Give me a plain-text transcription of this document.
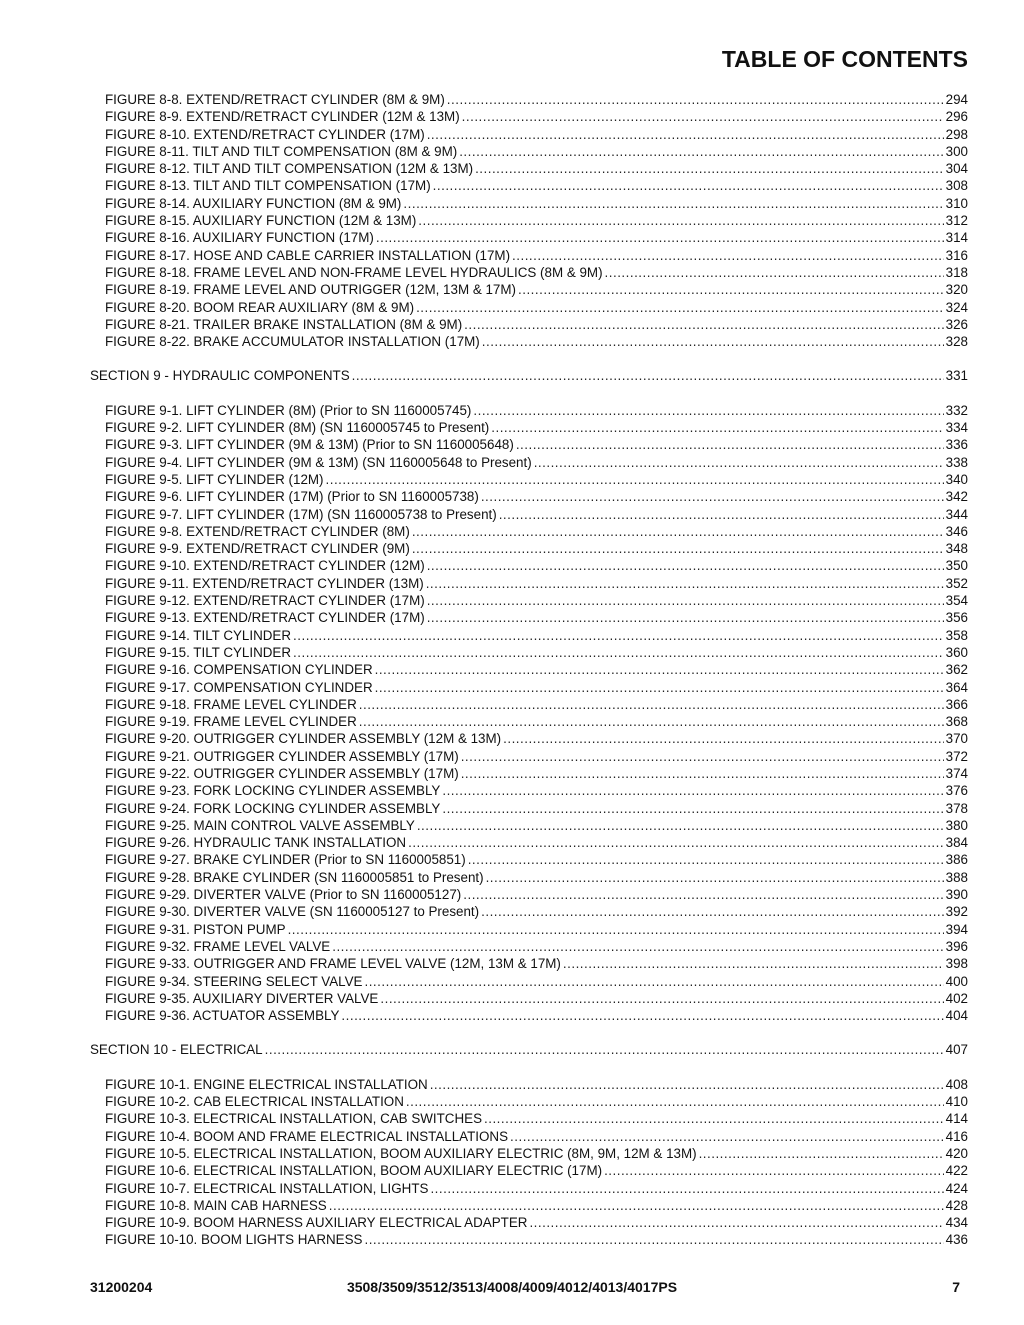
TABLE OF CONTENTS
FIGURE 8-8. EXTEND/RETRACT CYLINDER (8M & 9M) .....	294
FIGURE 8-9. EXTEND/RETRACT CYLINDER (12M & 13M) .....	296
FIGURE 8-10. EXTEND/RETRACT CYLINDER (17M) .....	298
FIGURE 8-11. TILT AND TILT COMPENSATION (8M & 9M) .....	300
FIGURE 8-12. TILT AND TILT COMPENSATION (12M & 13M) .....	304
FIGURE 8-13. TILT AND TILT COMPENSATION (17M) .....	308
FIGURE 8-14. AUXILIARY FUNCTION (8M & 9M) .....	310
FIGURE 8-15. AUXILIARY FUNCTION (12M & 13M) .....	312
FIGURE 8-16. AUXILIARY FUNCTION (17M) .....	314
FIGURE 8-17. HOSE AND CABLE CARRIER INSTALLATION (17M) .....	316
FIGURE 8-18. FRAME LEVEL AND NON-FRAME LEVEL HYDRAULICS (8M & 9M) .....	318
FIGURE 8-19. FRAME LEVEL AND OUTRIGGER (12M, 13M & 17M) .....	320
FIGURE 8-20. BOOM REAR AUXILIARY (8M & 9M) .....	324
FIGURE 8-21. TRAILER BRAKE INSTALLATION (8M & 9M) .....	326
FIGURE 8-22. BRAKE ACCUMULATOR INSTALLATION (17M) .....	328
SECTION 9 - HYDRAULIC COMPONENTS .....	331
FIGURE 9-1. LIFT CYLINDER (8M) (Prior to SN 1160005745) .....	332
FIGURE 9-2. LIFT CYLINDER (8M) (SN 1160005745 to Present) .....	334
FIGURE 9-3. LIFT CYLINDER (9M & 13M) (Prior to SN 1160005648) .....	336
FIGURE 9-4. LIFT CYLINDER (9M & 13M) (SN 1160005648 to Present) .....	338
FIGURE 9-5. LIFT CYLINDER (12M) .....	340
FIGURE 9-6. LIFT CYLINDER (17M) (Prior to SN 1160005738) .....	342
FIGURE 9-7. LIFT CYLINDER (17M) (SN 1160005738 to Present) .....	344
FIGURE 9-8. EXTEND/RETRACT CYLINDER (8M) .....	346
FIGURE 9-9. EXTEND/RETRACT CYLINDER (9M) .....	348
FIGURE 9-10. EXTEND/RETRACT CYLINDER (12M) .....	350
FIGURE 9-11. EXTEND/RETRACT CYLINDER (13M) .....	352
FIGURE 9-12. EXTEND/RETRACT CYLINDER (17M) .....	354
FIGURE 9-13. EXTEND/RETRACT CYLINDER (17M) .....	356
FIGURE 9-14. TILT CYLINDER .....	358
FIGURE 9-15. TILT CYLINDER .....	360
FIGURE 9-16. COMPENSATION CYLINDER .....	362
FIGURE 9-17. COMPENSATION CYLINDER .....	364
FIGURE 9-18. FRAME LEVEL CYLINDER .....	366
FIGURE 9-19. FRAME LEVEL CYLINDER .....	368
FIGURE 9-20. OUTRIGGER CYLINDER ASSEMBLY (12M & 13M) .....	370
FIGURE 9-21. OUTRIGGER CYLINDER ASSEMBLY (17M) .....	372
FIGURE 9-22. OUTRIGGER CYLINDER ASSEMBLY (17M) .....	374
FIGURE 9-23. FORK LOCKING CYLINDER ASSEMBLY .....	376
FIGURE 9-24. FORK LOCKING CYLINDER ASSEMBLY .....	378
FIGURE 9-25. MAIN CONTROL VALVE ASSEMBLY .....	380
FIGURE 9-26. HYDRAULIC TANK INSTALLATION .....	384
FIGURE 9-27. BRAKE CYLINDER (Prior to SN 1160005851) .....	386
FIGURE 9-28. BRAKE CYLINDER (SN 1160005851 to Present) .....	388
FIGURE 9-29. DIVERTER VALVE (Prior to SN 1160005127) .....	390
FIGURE 9-30. DIVERTER VALVE (SN 1160005127 to Present) .....	392
FIGURE 9-31. PISTON PUMP .....	394
FIGURE 9-32. FRAME LEVEL VALVE .....	396
FIGURE 9-33. OUTRIGGER AND FRAME LEVEL VALVE (12M, 13M & 17M) .....	398
FIGURE 9-34. STEERING SELECT VALVE .....	400
FIGURE 9-35. AUXILIARY DIVERTER VALVE .....	402
FIGURE 9-36. ACTUATOR ASSEMBLY .....	404
SECTION 10 - ELECTRICAL .....	407
FIGURE 10-1. ENGINE ELECTRICAL INSTALLATION .....	408
FIGURE 10-2. CAB ELECTRICAL INSTALLATION .....	410
FIGURE 10-3. ELECTRICAL INSTALLATION, CAB SWITCHES .....	414
FIGURE 10-4. BOOM AND FRAME ELECTRICAL INSTALLATIONS .....	416
FIGURE 10-5. ELECTRICAL INSTALLATION, BOOM AUXILIARY ELECTRIC (8M, 9M, 12M & 13M) .....	420
FIGURE 10-6. ELECTRICAL INSTALLATION, BOOM AUXILIARY ELECTRIC (17M) .....	422
FIGURE 10-7. ELECTRICAL INSTALLATION, LIGHTS .....	424
FIGURE 10-8. MAIN CAB HARNESS .....	428
FIGURE 10-9. BOOM HARNESS AUXILIARY ELECTRICAL ADAPTER .....	434
FIGURE 10-10. BOOM LIGHTS HARNESS .....	436
31200204	3508/3509/3512/3513/4008/4009/4012/4013/4017PS	7
